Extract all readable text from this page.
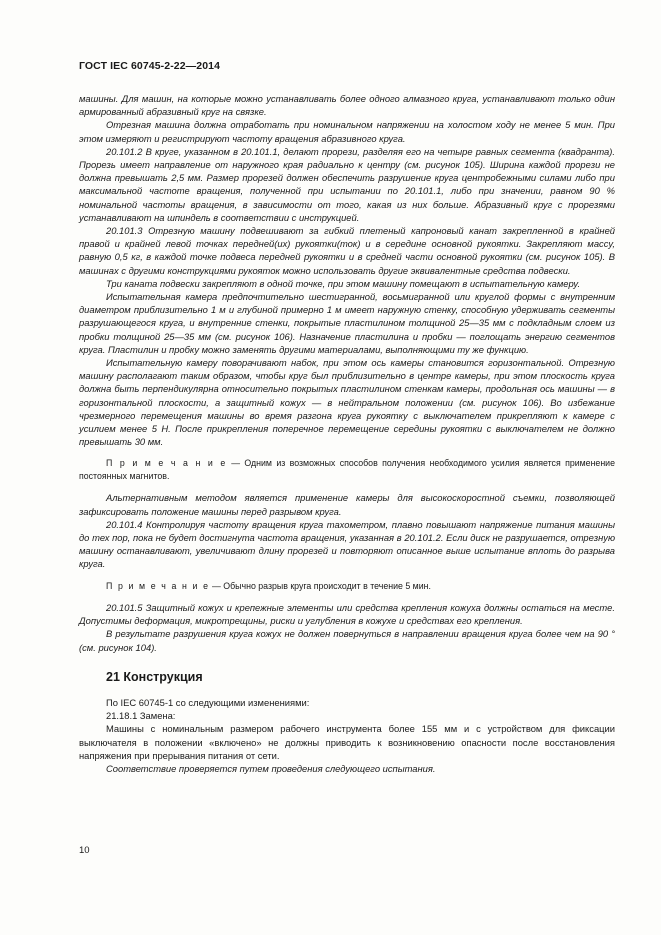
ГОСТ IEC 60745-2-22—2014

машины. Для машин, на которые можно устанавливать более одного алмазного круга, устанавливают только один армированный абразивный круг на связке.

Отрезная машина должна отработать при номинальном напряжении на холостом ходу не менее 5 мин. При этом измеряют и регистрируют частоту вращения абразивного круга.

20.101.2 В круге, указанном в 20.101.1, делают прорези, разделяя его на четыре равных сегмента (квадранта). Прорезь имеет направление от наружного края радиально к центру (см. рисунок 105). Ширина каждой прорези не должна превышать 2,5 мм. Размер прорезей должен обеспечить разрушение круга центробежными силами либо при максимальной частоте вращения, полученной при испытании по 20.101.1, либо при значении, равном 90 % номинальной частоты вращения, в зависимости от того, какая из них больше. Абразивный круг с прорезями устанавливают на шпиндель в соответствии с инструкцией.

20.101.3 Отрезную машину подвешивают за гибкий плетеный капроновый канат закрепленной в крайней правой и крайней левой точках передней(их) рукоятки(ток) и в середине основной рукоятки. Закрепляют массу, равную 0,5 кг, в каждой точке подвеса передней рукоятки и в средней части основной рукоятки (см. рисунок 105). В машинах с другими конструкциями рукояток можно использовать другие эквивалентные средства подвески.

Три каната подвески закрепляют в одной точке, при этом машину помещают в испытательную камеру.

Испытательная камера предпочтительно шестигранной, восьмигранной или круглой формы с внутренним диаметром приблизительно 1 м и глубиной примерно 1 м имеет наружную стенку, способную удерживать сегменты разрушающегося круга, и внутренние стенки, покрытые пластилином толщиной 25—35 мм с подкладным слоем из пробки толщиной 25—35 мм (см. рисунок 106). Назначение пластилина и пробки — поглощать энергию сегментов круга. Пластилин и пробку можно заменять другими материалами, выполняющими ту же функцию.

Испытательную камеру поворачивают набок, при этом ось камеры становится горизонтальной. Отрезную машину располагают таким образом, чтобы круг был приблизительно в центре камеры, при этом плоскость круга должна быть перпендикулярна относительно покрытых пластилином стенкам камеры, продольная ось машины — в горизонтальной плоскости, а защитный кожух — в нейтральном положении (см. рисунок 106). Во избежание чрезмерного перемещения машины во время разгона круга рукоятку с выключателем прикрепляют к камере с усилием менее 5 Н. После прикрепления поперечное перемещение середины рукоятки с выключателем не должно превышать 30 мм.

П р и м е ч а н и е — Одним из возможных способов получения необходимого усилия является применение постоянных магнитов.

Альтернативным методом является применение камеры для высокоскоростной съемки, позволяющей зафиксировать положение машины перед разрывом круга.

20.101.4 Контролируя частоту вращения круга тахометром, плавно повышают напряжение питания машины до тех пор, пока не будет достигнута частота вращения, указанная в 20.101.2. Если диск не разрушается, отрезную машину останавливают, увеличивают длину прорезей и повторяют описанное выше испытание вплоть до разрыва круга.

П р и м е ч а н и е — Обычно разрыв круга происходит в течение 5 мин.

20.101.5 Защитный кожух и крепежные элементы или средства крепления кожуха должны остаться на месте. Допустимы деформация, микротрещины, риски и углубления в кожухе и средствах его крепления.

В результате разрушения круга кожух не должен повернуться в направлении вращения круга более чем на 90 °(см. рисунок 104).

21 Конструкция

По IEC 60745-1 со следующими изменениями:

21.18.1 Замена:

Машины с номинальным размером рабочего инструмента более 155 мм и с устройством для фиксации выключателя в положении «включено» не должны приводить к возникновению опасности после восстановления напряжения при прерывания питания от сети.

Соответствие проверяется путем проведения следующего испытания.

10
